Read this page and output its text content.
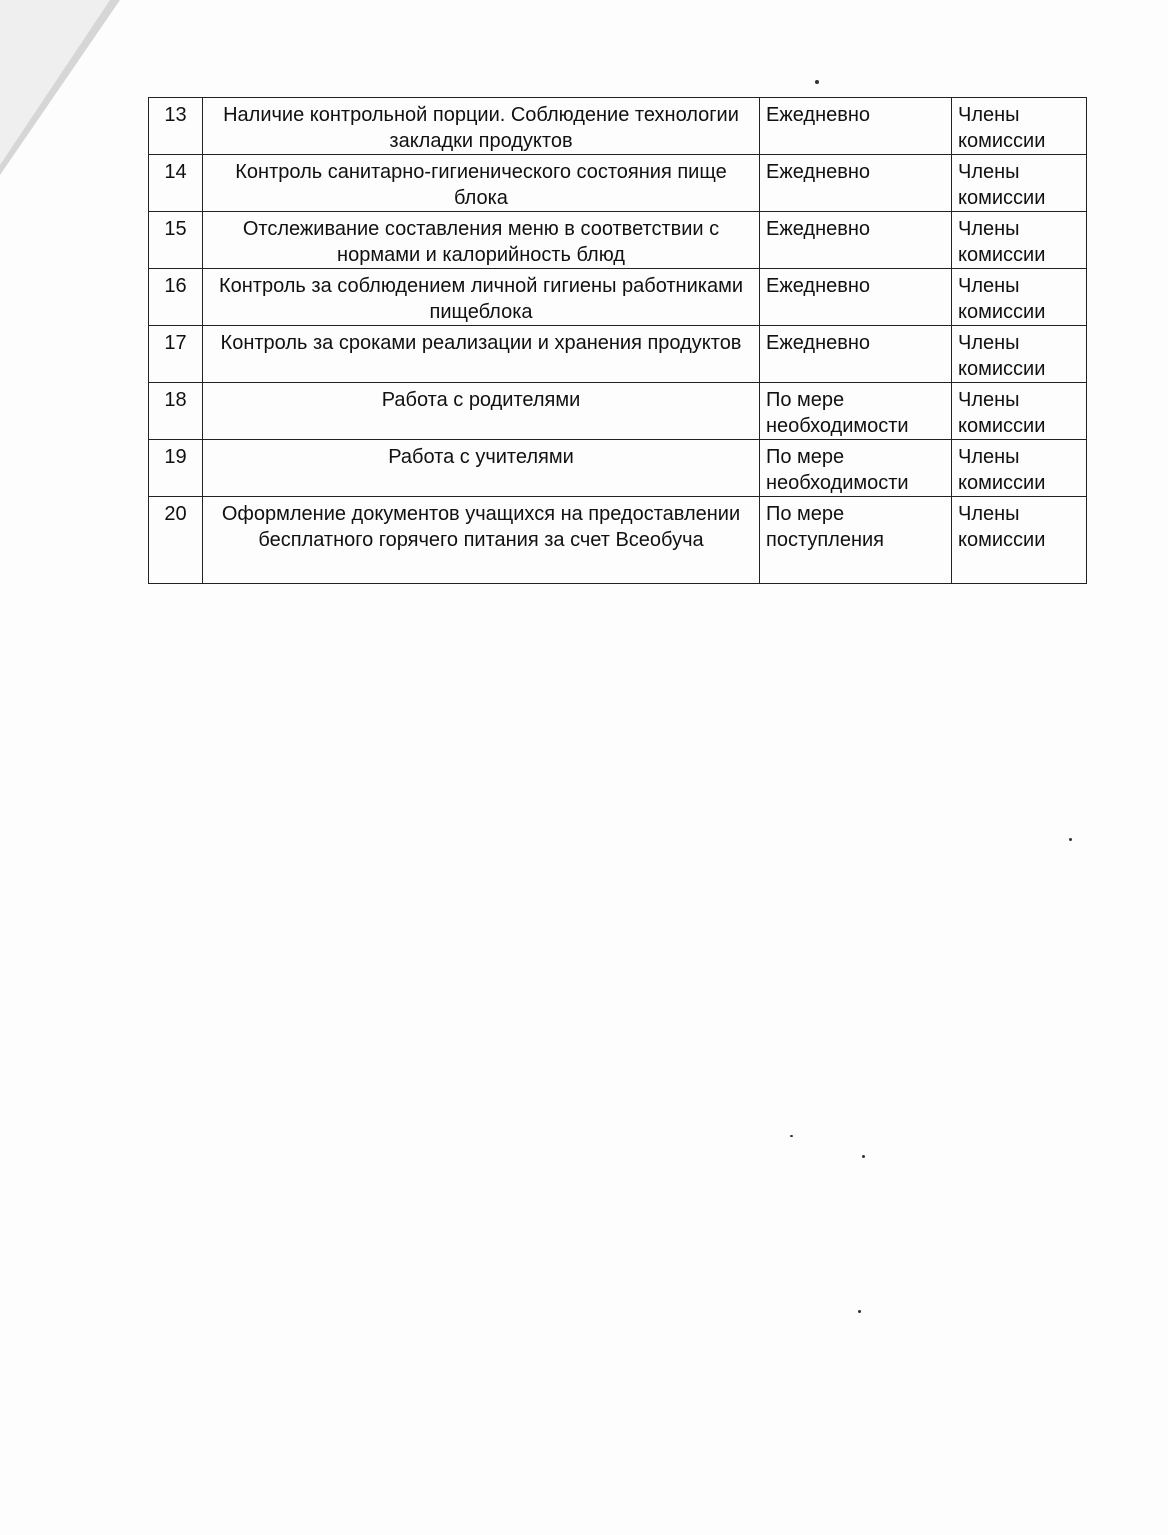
13	Наличие контрольной порции. Соблюдение технологии закладки продуктов	Ежедневно	Члены комиссии
14	Контроль санитарно-гигиенического состояния пище блока	Ежедневно	Члены комиссии
15	Отслеживание составления меню в соответствии с нормами и калорийность блюд	Ежедневно	Члены комиссии
16	Контроль за соблюдением личной гигиены работниками пищеблока	Ежедневно	Члены комиссии
17	Контроль за сроками реализации и хранения продуктов	Ежедневно	Члены комиссии
18	Работа с родителями	По мере необходимости	Члены комиссии
19	Работа с учителями	По мере необходимости	Члены комиссии
20	Оформление документов учащихся на предоставлении бесплатного горячего питания за счет Всеобуча	По мере поступления	Члены комиссии
